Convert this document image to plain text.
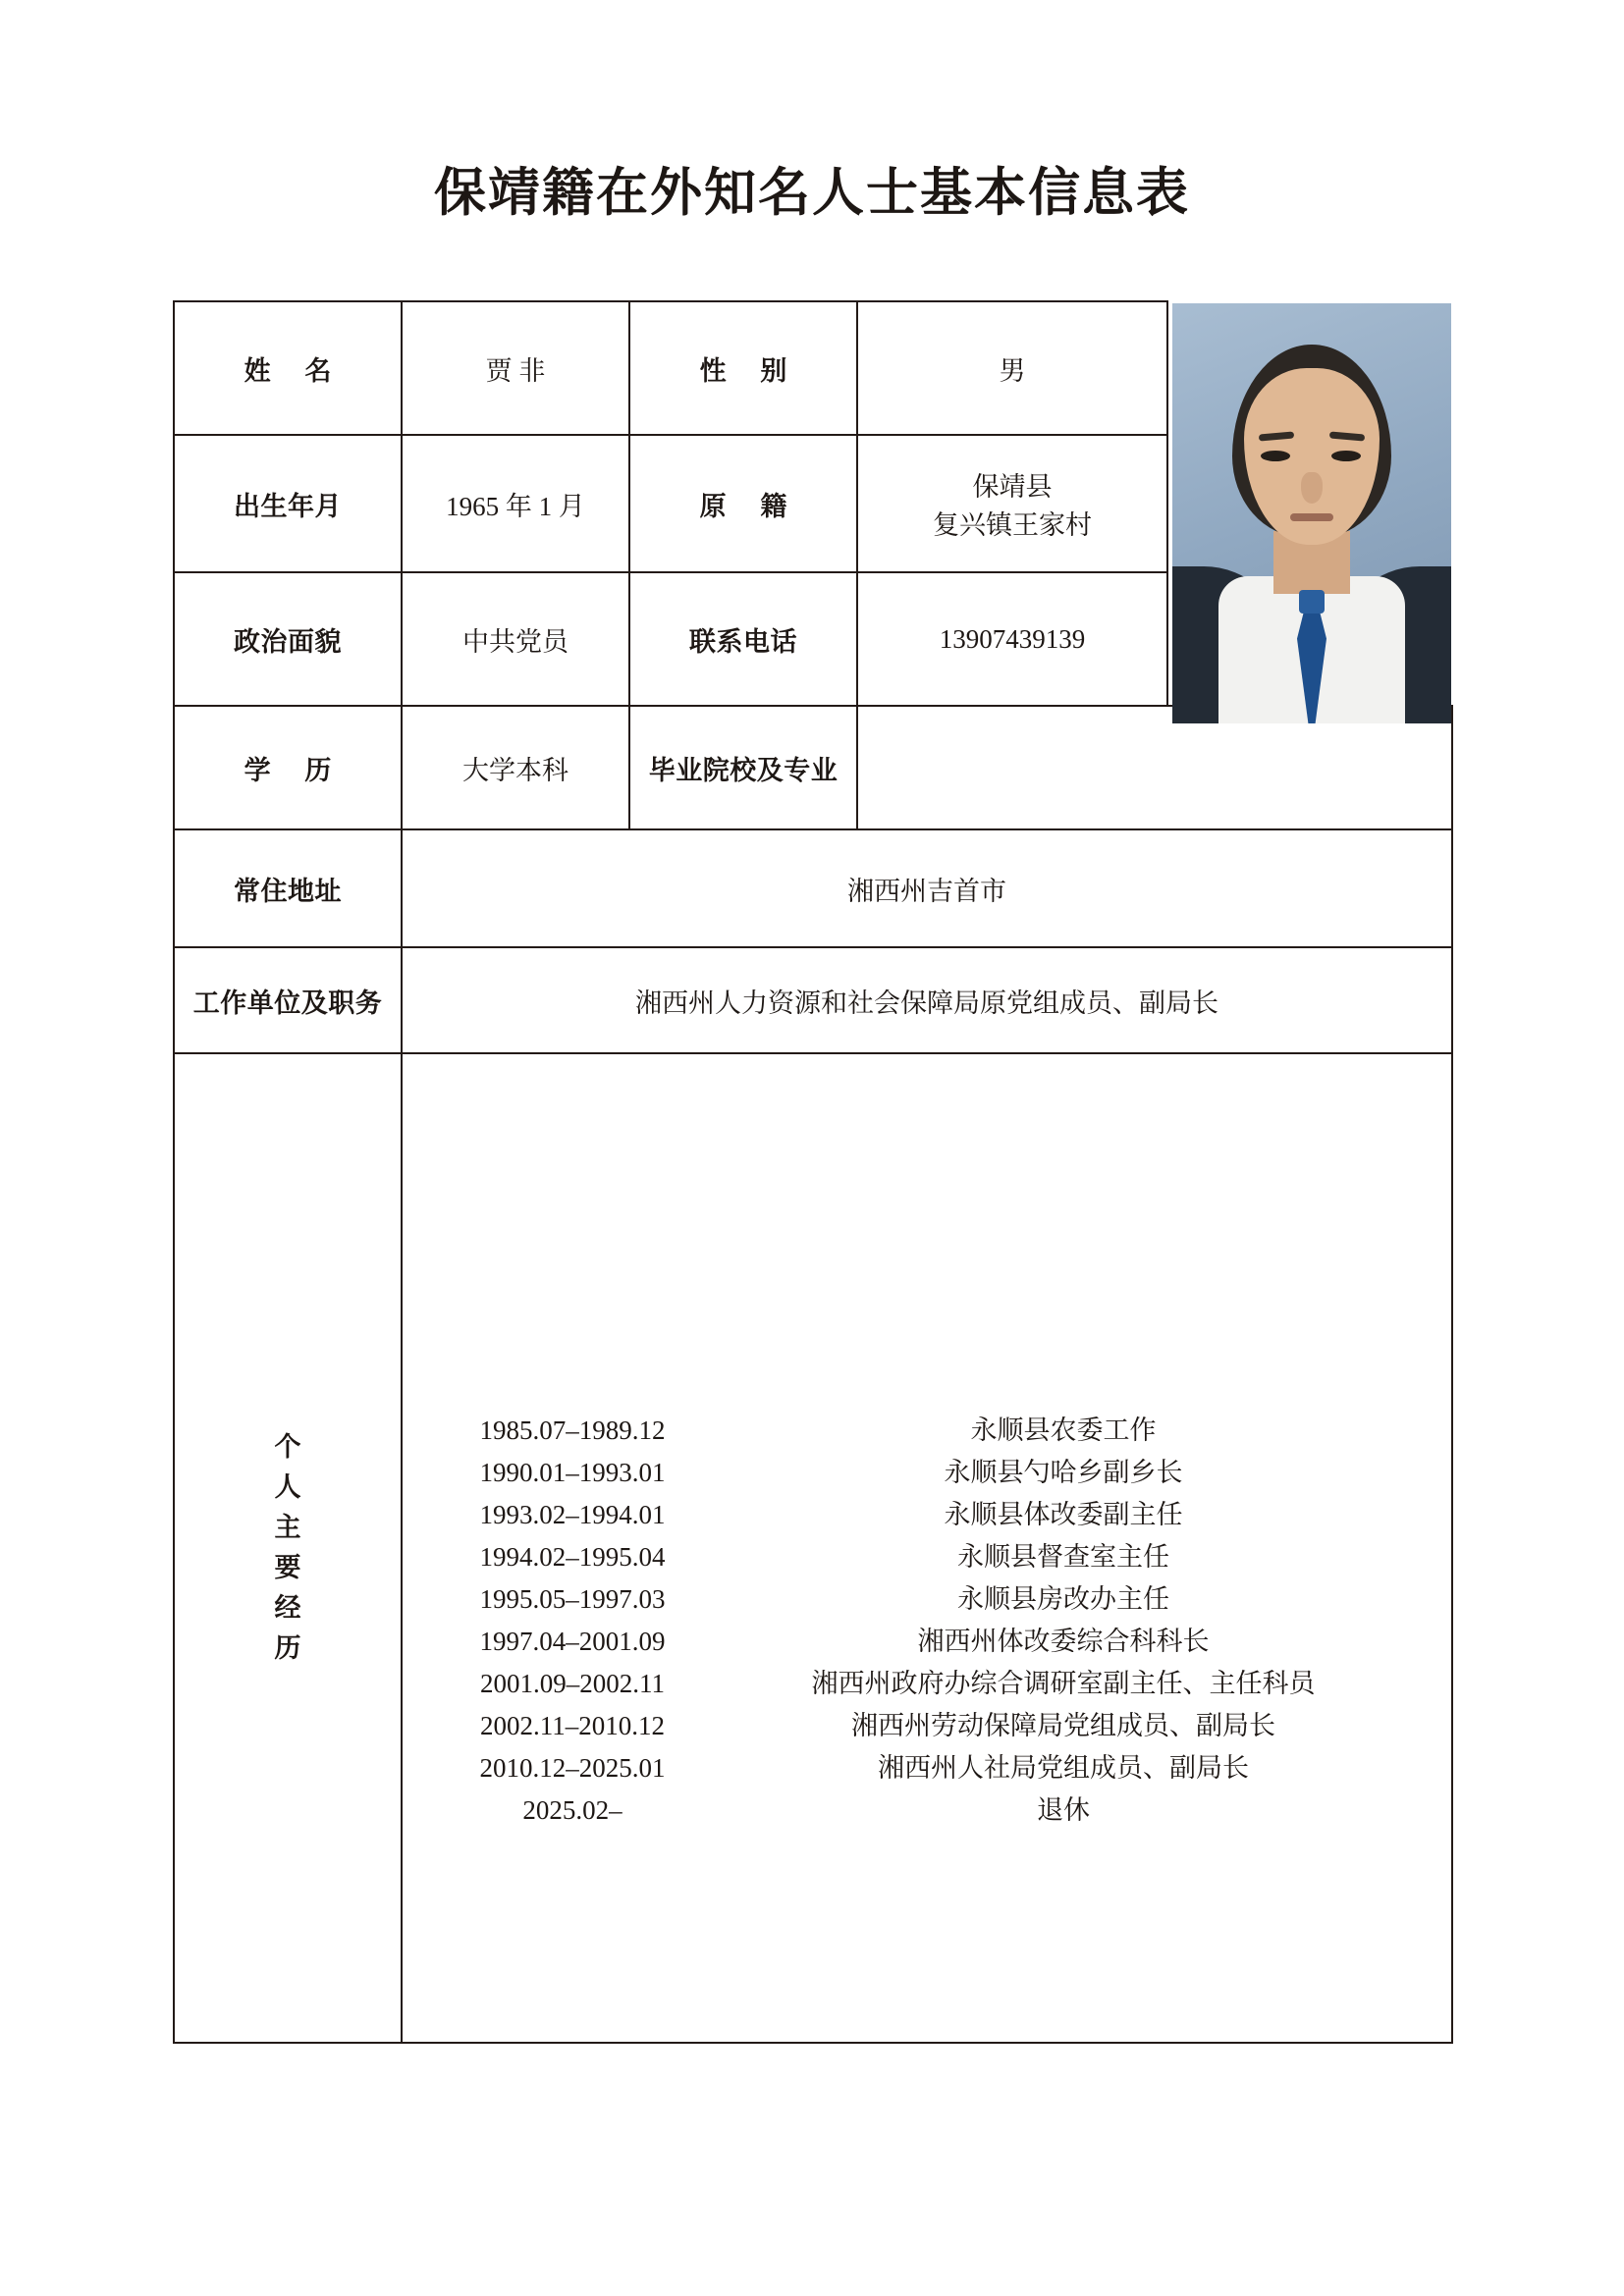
保靖籍在外知名人士基本信息表
姓 名	贾 非	性 别	男	

出生年月	1965 年 1 月	原 籍	保靖县
复兴镇王家村	

政治面貌	中共党员	联系电话	13907439139	
学 历	大学本科	毕业院校及专业		
常住地址	湘西州吉首市			
工作单位及职务	湘西州人力资源和社会保障局原党组成员、副局长			

个
人
主
要
经
历

1985.07–1989.12	永顺县农委工作
1990.01–1993.01	永顺县勺哈乡副乡长
1993.02–1994.01	永顺县体改委副主任
1994.02–1995.04	永顺县督查室主任
1995.05–1997.03	永顺县房改办主任
1997.04–2001.09	湘西州体改委综合科科长
2001.09–2002.11	湘西州政府办综合调研室副主任、主任科员
2002.11–2010.12	湘西州劳动保障局党组成员、副局长
2010.12–2025.01	湘西州人社局党组成员、副局长
2025.02–	退休
